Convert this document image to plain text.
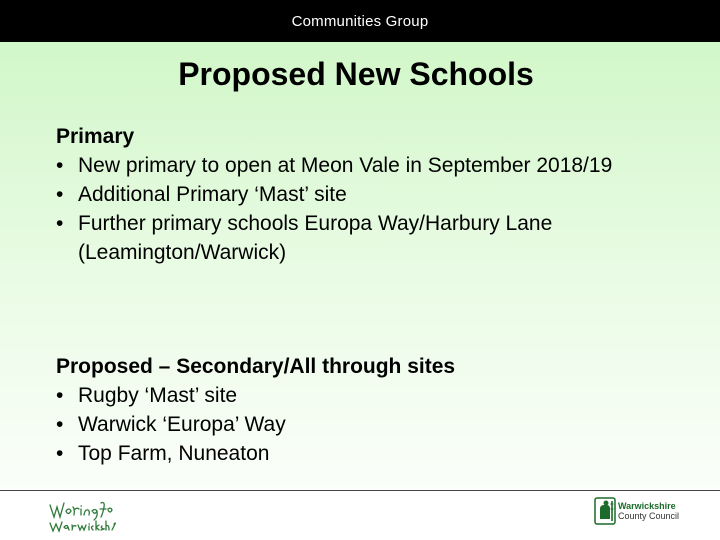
Communities Group
Proposed New Schools
Primary
• New primary to open at Meon Vale in September 2018/19
• Additional Primary ‘Mast’ site
• Further primary schools Europa Way/Harbury Lane (Leamington/Warwick)
Proposed – Secondary/All through sites
• Rugby ‘Mast’ site
• Warwick ‘Europa’ Way
• Top Farm, Nuneaton
Warwickshire
County Council
